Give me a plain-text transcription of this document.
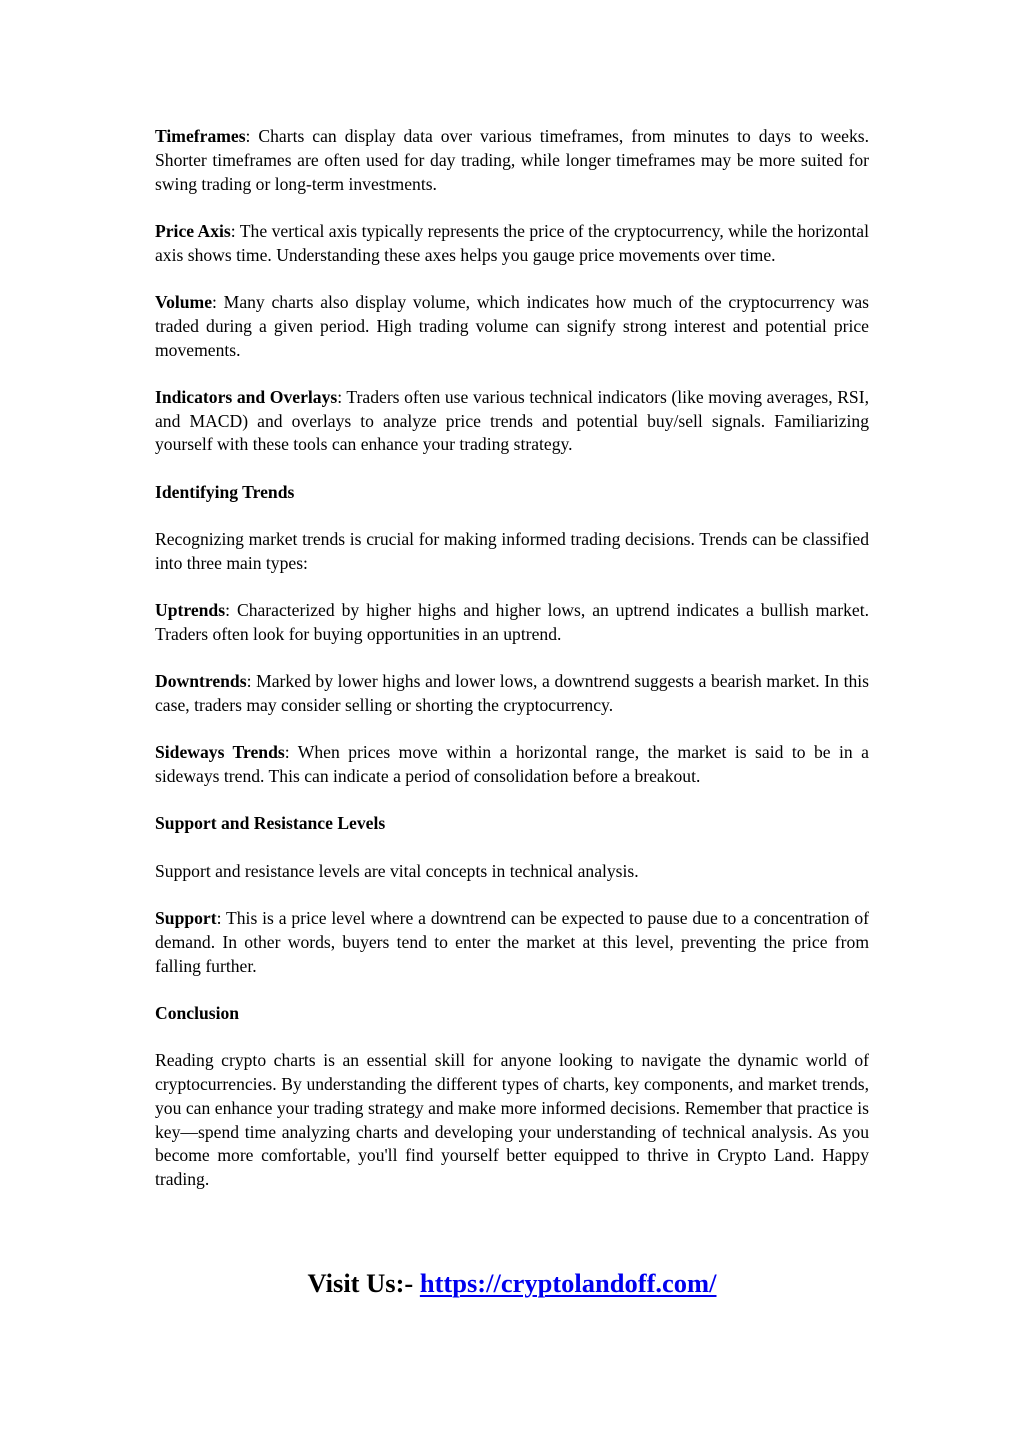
Timeframes: Charts can display data over various timeframes, from minutes to days to weeks. Shorter timeframes are often used for day trading, while longer timeframes may be more suited for swing trading or long-term investments.

Price Axis: The vertical axis typically represents the price of the cryptocurrency, while the horizontal axis shows time. Understanding these axes helps you gauge price movements over time.

Volume: Many charts also display volume, which indicates how much of the cryptocurrency was traded during a given period. High trading volume can signify strong interest and potential price movements.

Indicators and Overlays: Traders often use various technical indicators (like moving averages, RSI, and MACD) and overlays to analyze price trends and potential buy/sell signals. Familiarizing yourself with these tools can enhance your trading strategy.

Identifying Trends

Recognizing market trends is crucial for making informed trading decisions. Trends can be classified into three main types:

Uptrends: Characterized by higher highs and higher lows, an uptrend indicates a bullish market. Traders often look for buying opportunities in an uptrend.

Downtrends: Marked by lower highs and lower lows, a downtrend suggests a bearish market. In this case, traders may consider selling or shorting the cryptocurrency.

Sideways Trends: When prices move within a horizontal range, the market is said to be in a sideways trend. This can indicate a period of consolidation before a breakout.

Support and Resistance Levels

Support and resistance levels are vital concepts in technical analysis.

Support: This is a price level where a downtrend can be expected to pause due to a concentration of demand. In other words, buyers tend to enter the market at this level, preventing the price from falling further.

Conclusion

Reading crypto charts is an essential skill for anyone looking to navigate the dynamic world of cryptocurrencies. By understanding the different types of charts, key components, and market trends, you can enhance your trading strategy and make more informed decisions. Remember that practice is key—spend time analyzing charts and developing your understanding of technical analysis. As you become more comfortable, you'll find yourself better equipped to thrive in Crypto Land. Happy trading.

Visit Us:- https://cryptolandoff.com/
